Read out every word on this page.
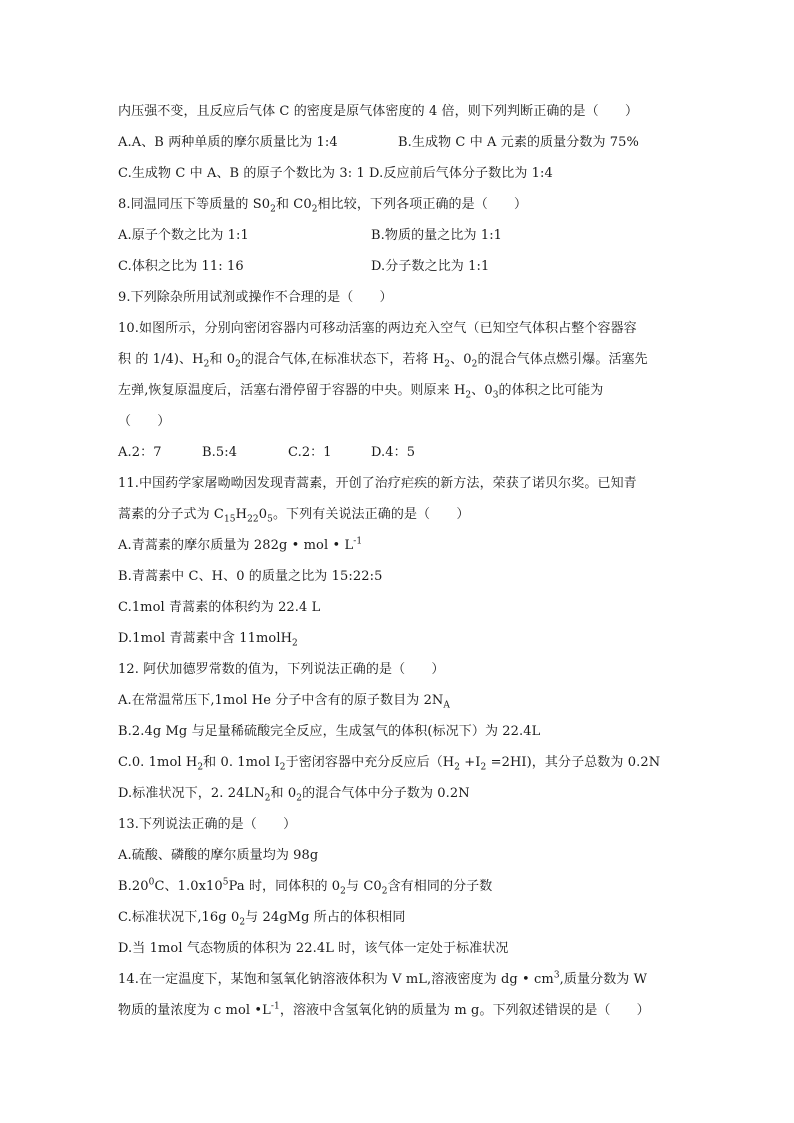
内压强不变，且反应后气体 C 的密度是原气体密度的 4 倍，则下列判断正确的是（　　）
A.A、B 两种单质的摩尔质量比为 1:4	B.生成物 C 中 A 元素的质量分数为 75%
C.生成物 C 中 A、B 的原子个数比为 3: 1 D.反应前后气体分子数比为 1:4
8.同温同压下等质量的 $S0_2$和 $C0_2$相比较，下列各项正确的是（　　）
A.原子个数之比为 1:1	B.物质的量之比为 1:1
C.体积之比为 11: 16	D.分子数之比为 1:1
9.下列除杂所用试剂或操作不合理的是（　　）
10.如图所示，分别向密闭容器内可移动活塞的两边充入空气（已知空气体积占整个容器容
积 的 1/4)、$H_2$和 $0_2$的混合气体,在标准状态下，若将 $H_2$、$0_2$的混合气体点燃引爆。活塞先
左弹,恢复原温度后，活塞右滑停留于容器的中央。则原来 $H_2$、$0_3$的体积之比可能为
（　　）
A.2：7	B.5:4	C.2：1	D.4：5
11.中国药学家屠呦呦因发现青蒿素，开创了治疗疟疾的新方法，荣获了诺贝尔奖。已知青
蒿素的分子式为 $C_{15}H_{22}0_5$。下列有关说法正确的是（　　）
A.青蒿素的摩尔质量为 282g • mol • $L^{-1}$
B.青蒿素中 C、H、0 的质量之比为 15:22:5
C.1mol 青蒿素的体积约为 22.4 L
D.1mol 青蒿素中含 11molH$_2$
12. 阿伏加德罗常数的值为，下列说法正确的是（　　）
A.在常温常压下,1mol He 分子中含有的原子数目为 $2N_A$
B.2.4g Mg 与足量稀硫酸完全反应，生成氢气的体积(标况下）为 22.4L
C.0. 1mol $H_2$和 0. 1mol $I_2$于密闭容器中充分反应后$(H_2 +I_2 =2HI)$，其分子总数为 0.2N
D.标准状况下，2. $24LN_2$和 $0_2$的混合气体中分子数为 0.2N
13.下列说法正确的是（　　）
A.硫酸、磷酸的摩尔质量均为 98g
$B.20^0C$、$1.0x10^5Pa$ 时，同体积的 $0_2$与 $C0_2$含有相同的分子数
C.标准状况下,16g $0_2$与 24gMg 所占的体积相同
D.当 1mol 气态物质的体积为 22.4L 时，该气体一定处于标准状况
14.在一定温度下，某饱和氢氧化钠溶液体积为 V mL,溶液密度为 dg • $cm^3$,质量分数为 W
物质的量浓度为 c mol $•L^{-1}$，溶液中含氢氧化钠的质量为 m g。下列叙述错误的是（　　）
